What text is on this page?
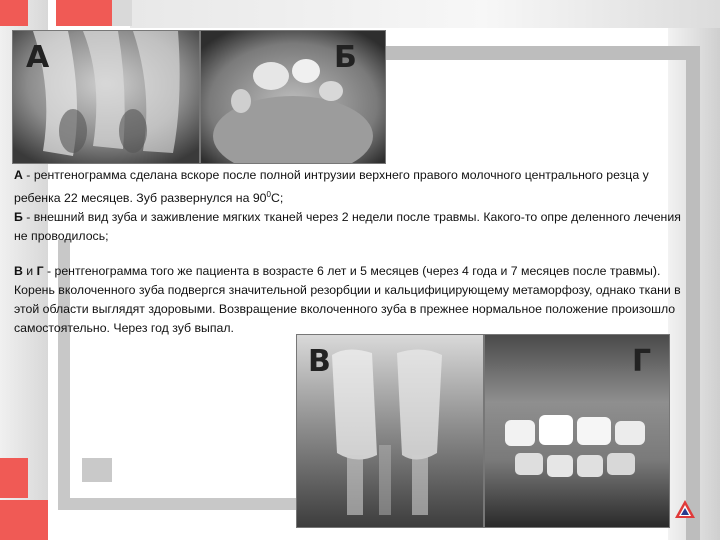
А	Б
А - рентгенограмма сделана вскоре после полной интрузии верхнего правого молочного центрального резца у ребенка 22 месяцев. Зуб развернулся на $90^0С$;
Б - внешний вид зуба и заживление мягких тканей через 2 недели после травмы. Какого-то опре деленного лечения не проводилось;
В и Г - рентгенограмма того же пациента в возрасте 6 лет и 5 месяцев (через 4 года и 7 месяцев после травмы). Корень вколоченного зуба подвергся значительной резорбции и кальцифицирующему метаморфозу, однако ткани в этой области выглядят здоровыми. Возвращение вколоченного зуба в прежнее нормальное положение произошло самостоятельно. Через год зуб выпал.
В	Г
